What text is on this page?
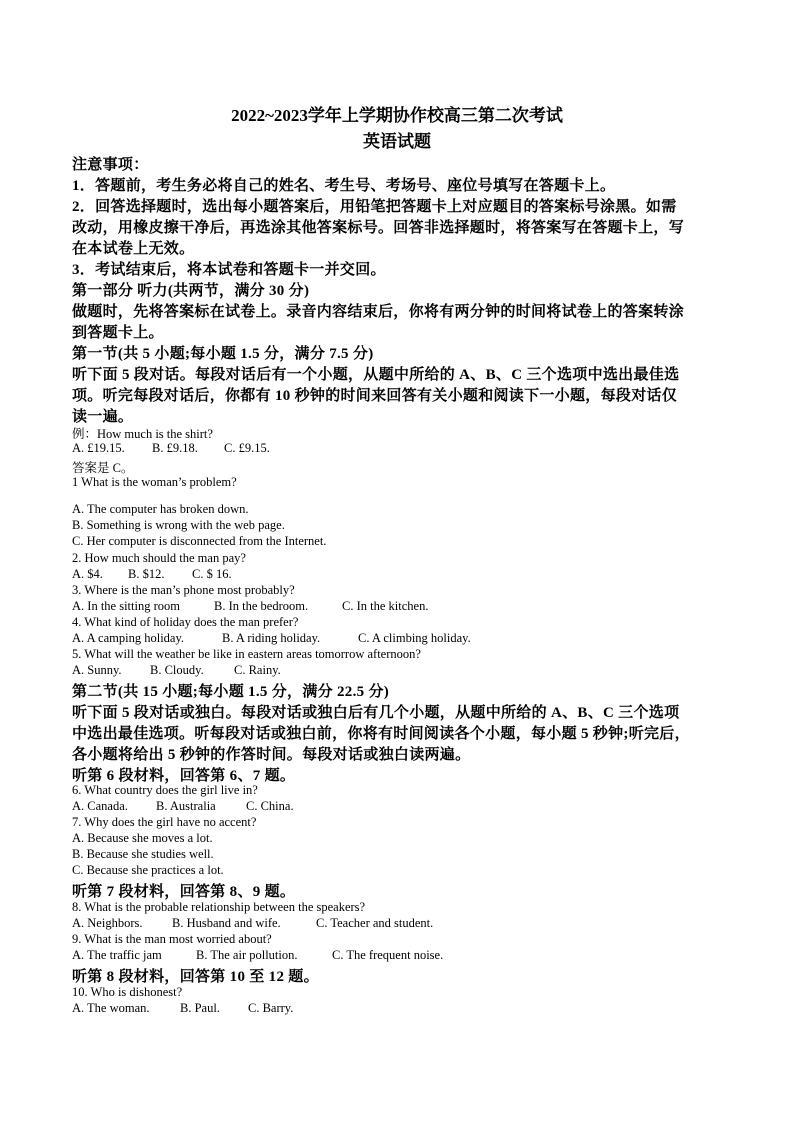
2022~2023学年上学期协作校高三第二次考试
英语试题
注意事项：
1．答题前，考生务必将自己的姓名、考生号、考场号、座位号填写在答题卡上。
2．回答选择题时，选出每小题答案后，用铅笔把答题卡上对应题目的答案标号涂黑。如需
改动，用橡皮擦干净后，再选涂其他答案标号。回答非选择题时，将答案写在答题卡上，写
在本试卷上无效。
3．考试结束后，将本试卷和答题卡一并交回。
第一部分 听力(共两节，满分 30 分)
做题时，先将答案标在试卷上。录音内容结束后，你将有两分钟的时间将试卷上的答案转涂
到答题卡上。
第一节(共 5 小题;每小题 1.5 分，满分 7.5 分)
听下面 5 段对话。每段对话后有一个小题，从题中所给的 A、B、C 三个选项中选出最佳选
项。听完每段对话后，你都有 10 秒钟的时间来回答有关小题和阅读下一小题，每段对话仅
读一遍。
例：How much is the shirt?
A. £19.15. B. £9.18. C. £9.15.
答案是 C。
1 What is the woman’s problem?
A. The computer has broken down.
B. Something is wrong with the web page.
C. Her computer is disconnected from the Internet.
2. How much should the man pay?
A. $4. B. $12. C. $ 16.
3. Where is the man’s phone most probably?
A. In the sitting room	B. In the bedroom.	C. In the kitchen.
4. What kind of holiday does the man prefer?
A. A camping holiday.	B. A riding holiday.	C. A climbing holiday.
5. What will the weather be like in eastern areas tomorrow afternoon?
A. Sunny. B. Cloudy. C. Rainy.
第二节(共 15 小题;每小题 1.5 分，满分 22.5 分)
听下面 5 段对话或独白。每段对话或独白后有几个小题，从题中所给的 A、B、C 三个选项
中选出最佳选项。听每段对话或独白前，你将有时间阅读各个小题，每小题 5 秒钟;听完后，
各小题将给出 5 秒钟的作答时间。每段对话或独白读两遍。
听第 6 段材料，回答第 6、7 题。
6. What country does the girl live in?
A. Canada. B. Australia C. China.
7. Why does the girl have no accent?
A. Because she moves a lot.
B. Because she studies well.
C. Because she practices a lot.
听第 7 段材料，回答第 8、9 题。
8. What is the probable relationship between the speakers?
A. Neighbors. B. Husband and wife.	C. Teacher and student.
9. What is the man most worried about?
A. The traffic jam	B. The air pollution.	C. The frequent noise.
听第 8 段材料，回答第 10 至 12 题。
10. Who is dishonest?
A. The woman. B. Paul. C. Barry.
